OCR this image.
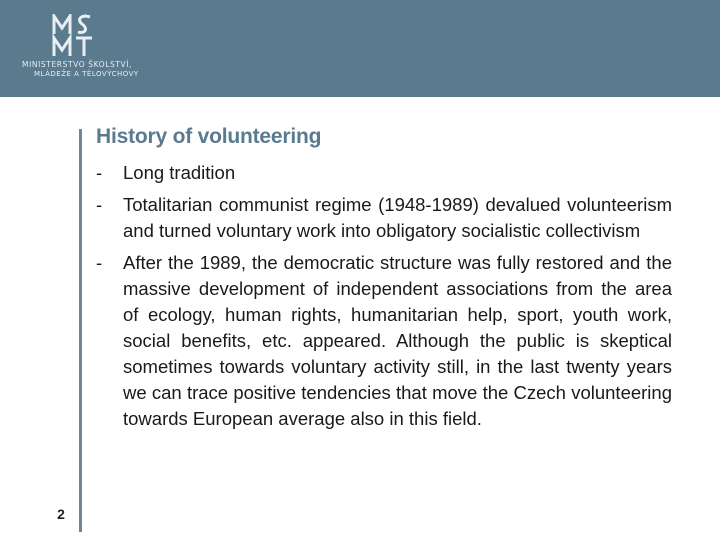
MINISTERSTVO ŠKOLSTVÍ,
MLÁDEŽE A TĚLOVÝCHOVY
History of volunteering
- Long tradition
- Totalitarian communist regime (1948-1989) devalued volunteerism and turned voluntary work into obligatory socialistic collectivism
- After the 1989, the democratic structure was fully restored and the massive development of independent associations from the area of ecology, human rights, humanitarian help, sport, youth work, social benefits, etc. appeared. Although the public is skeptical sometimes towards voluntary activity still, in the last twenty years we can trace positive tendencies that move the Czech volunteering towards European average also in this field.
2
